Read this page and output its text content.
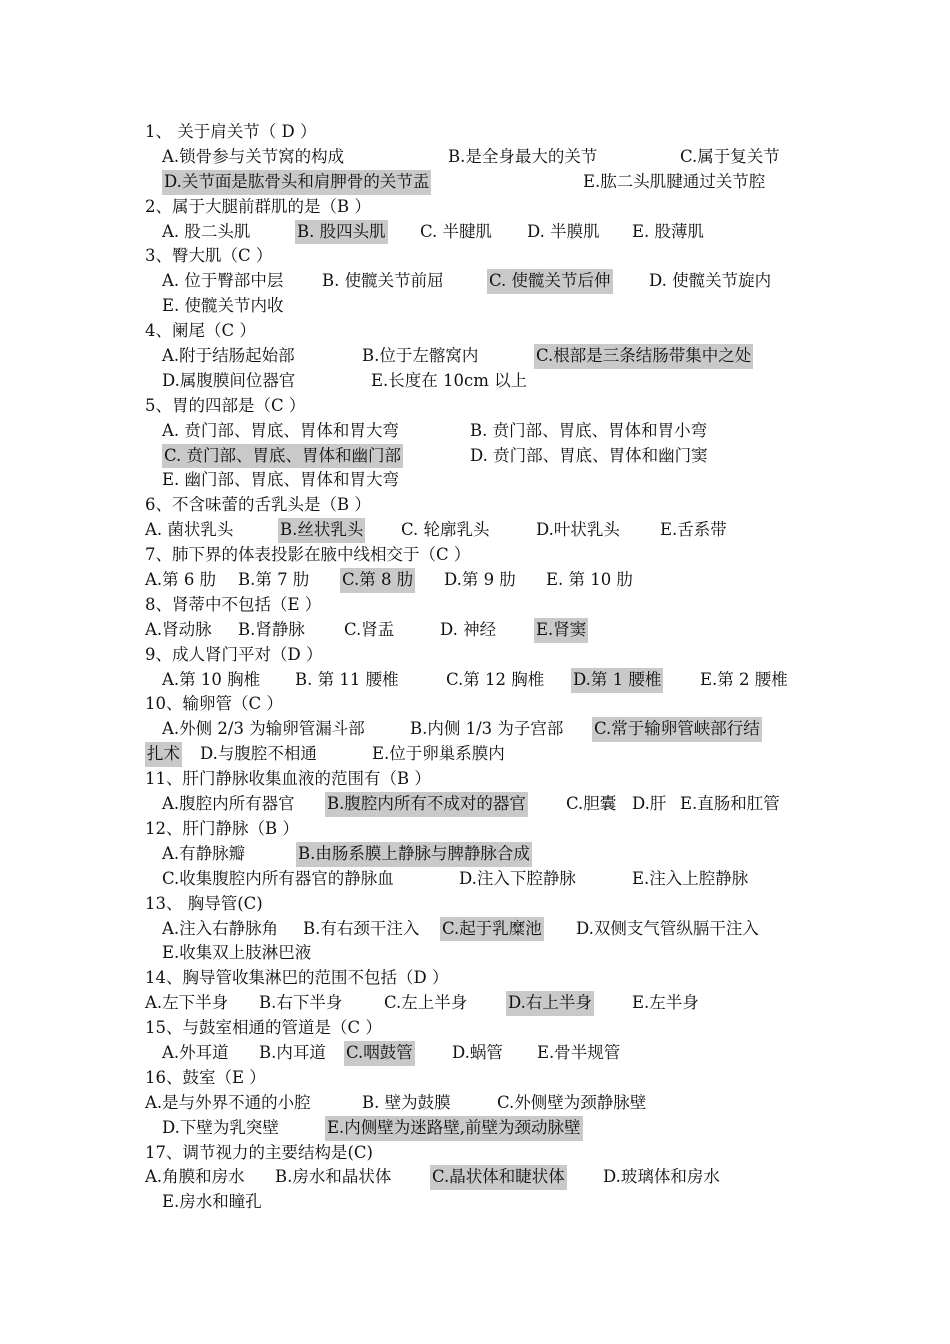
1、 关于肩关节（ D ）
A.锁骨参与关节窝的构成	B.是全身最大的关节	C.属于复关节
D.关节面是肱骨头和肩胛骨的关节盂	E.肱二头肌腱通过关节腔
2、属于大腿前群肌的是（B ）
A. 股二头肌	B. 股四头肌 C. 半腱肌 D. 半膜肌 E. 股薄肌
3、臀大肌（C ）
A. 位于臀部中层 B. 使髋关节前屈	C. 使髋关节后伸 D. 使髋关节旋内
E. 使髋关节内收
4、阑尾（C ）
A.附于结肠起始部	B.位于左髂窝内	C.根部是三条结肠带集中之处
D.属腹膜间位器官	E.长度在 10cm 以上
5、胃的四部是（C ）
A. 贲门部、胃底、胃体和胃大弯	B. 贲门部、胃底、胃体和胃小弯
C. 贲门部、胃底、胃体和幽门部	D. 贲门部、胃底、胃体和幽门窦
E. 幽门部、胃底、胃体和胃大弯
6、不含味蕾的舌乳头是（B ）
A. 菌状乳头	B.丝状乳头 C. 轮廓乳头	D.叶状乳头 E.舌系带
7、肺下界的体表投影在腋中线相交于（C ）
A.第 6 肋 B.第 7 肋 C.第 8 肋 D.第 9 肋 E. 第 10 肋
8、肾蒂中不包括（E ）
A.肾动脉 B.肾静脉 C.肾盂	D. 神经 E.肾窦
9、成人肾门平对（D ）
A.第 10 胸椎 B. 第 11 腰椎	C.第 12 胸椎 D.第 1 腰椎 E.第 2 腰椎
10、输卵管（C ）
A.外侧 2/3 为输卵管漏斗部	B.内侧 1/3 为子宫部 C.常于输卵管峡部行结
扎术 D.与腹腔不相通	E.位于卵巢系膜内
11、肝门静脉收集血液的范围有（B ）
A.腹腔内所有器官 B.腹腔内所有不成对的器官 C.胆囊 D.肝 E.直肠和肛管
12、肝门静脉（B ）
A.有静脉瓣	B.由肠系膜上静脉与脾静脉合成
C.收集腹腔内所有器官的静脉血	D.注入下腔静脉	E.注入上腔静脉
13、 胸导管(C)
A.注入右静脉角 B.有右颈干注入 C.起于乳糜池 D.双侧支气管纵膈干注入
E.收集双上肢淋巴液
14、胸导管收集淋巴的范围不包括（D ）
A.左下半身 B.右下半身	C.左上半身 D.右上半身 E.左半身
15、与鼓室相通的管道是（C ）
A.外耳道 B.内耳道 C.咽鼓管 D.蜗管 E.骨半规管
16、鼓室（E ）
A.是与外界不通的小腔	B. 壁为鼓膜	C.外侧壁为颈静脉壁
D.下壁为乳突壁	E.内侧壁为迷路壁,前壁为颈动脉壁
17、调节视力的主要结构是(C)
A.角膜和房水 B.房水和晶状体 C.晶状体和睫状体 D.玻璃体和房水
E.房水和瞳孔
